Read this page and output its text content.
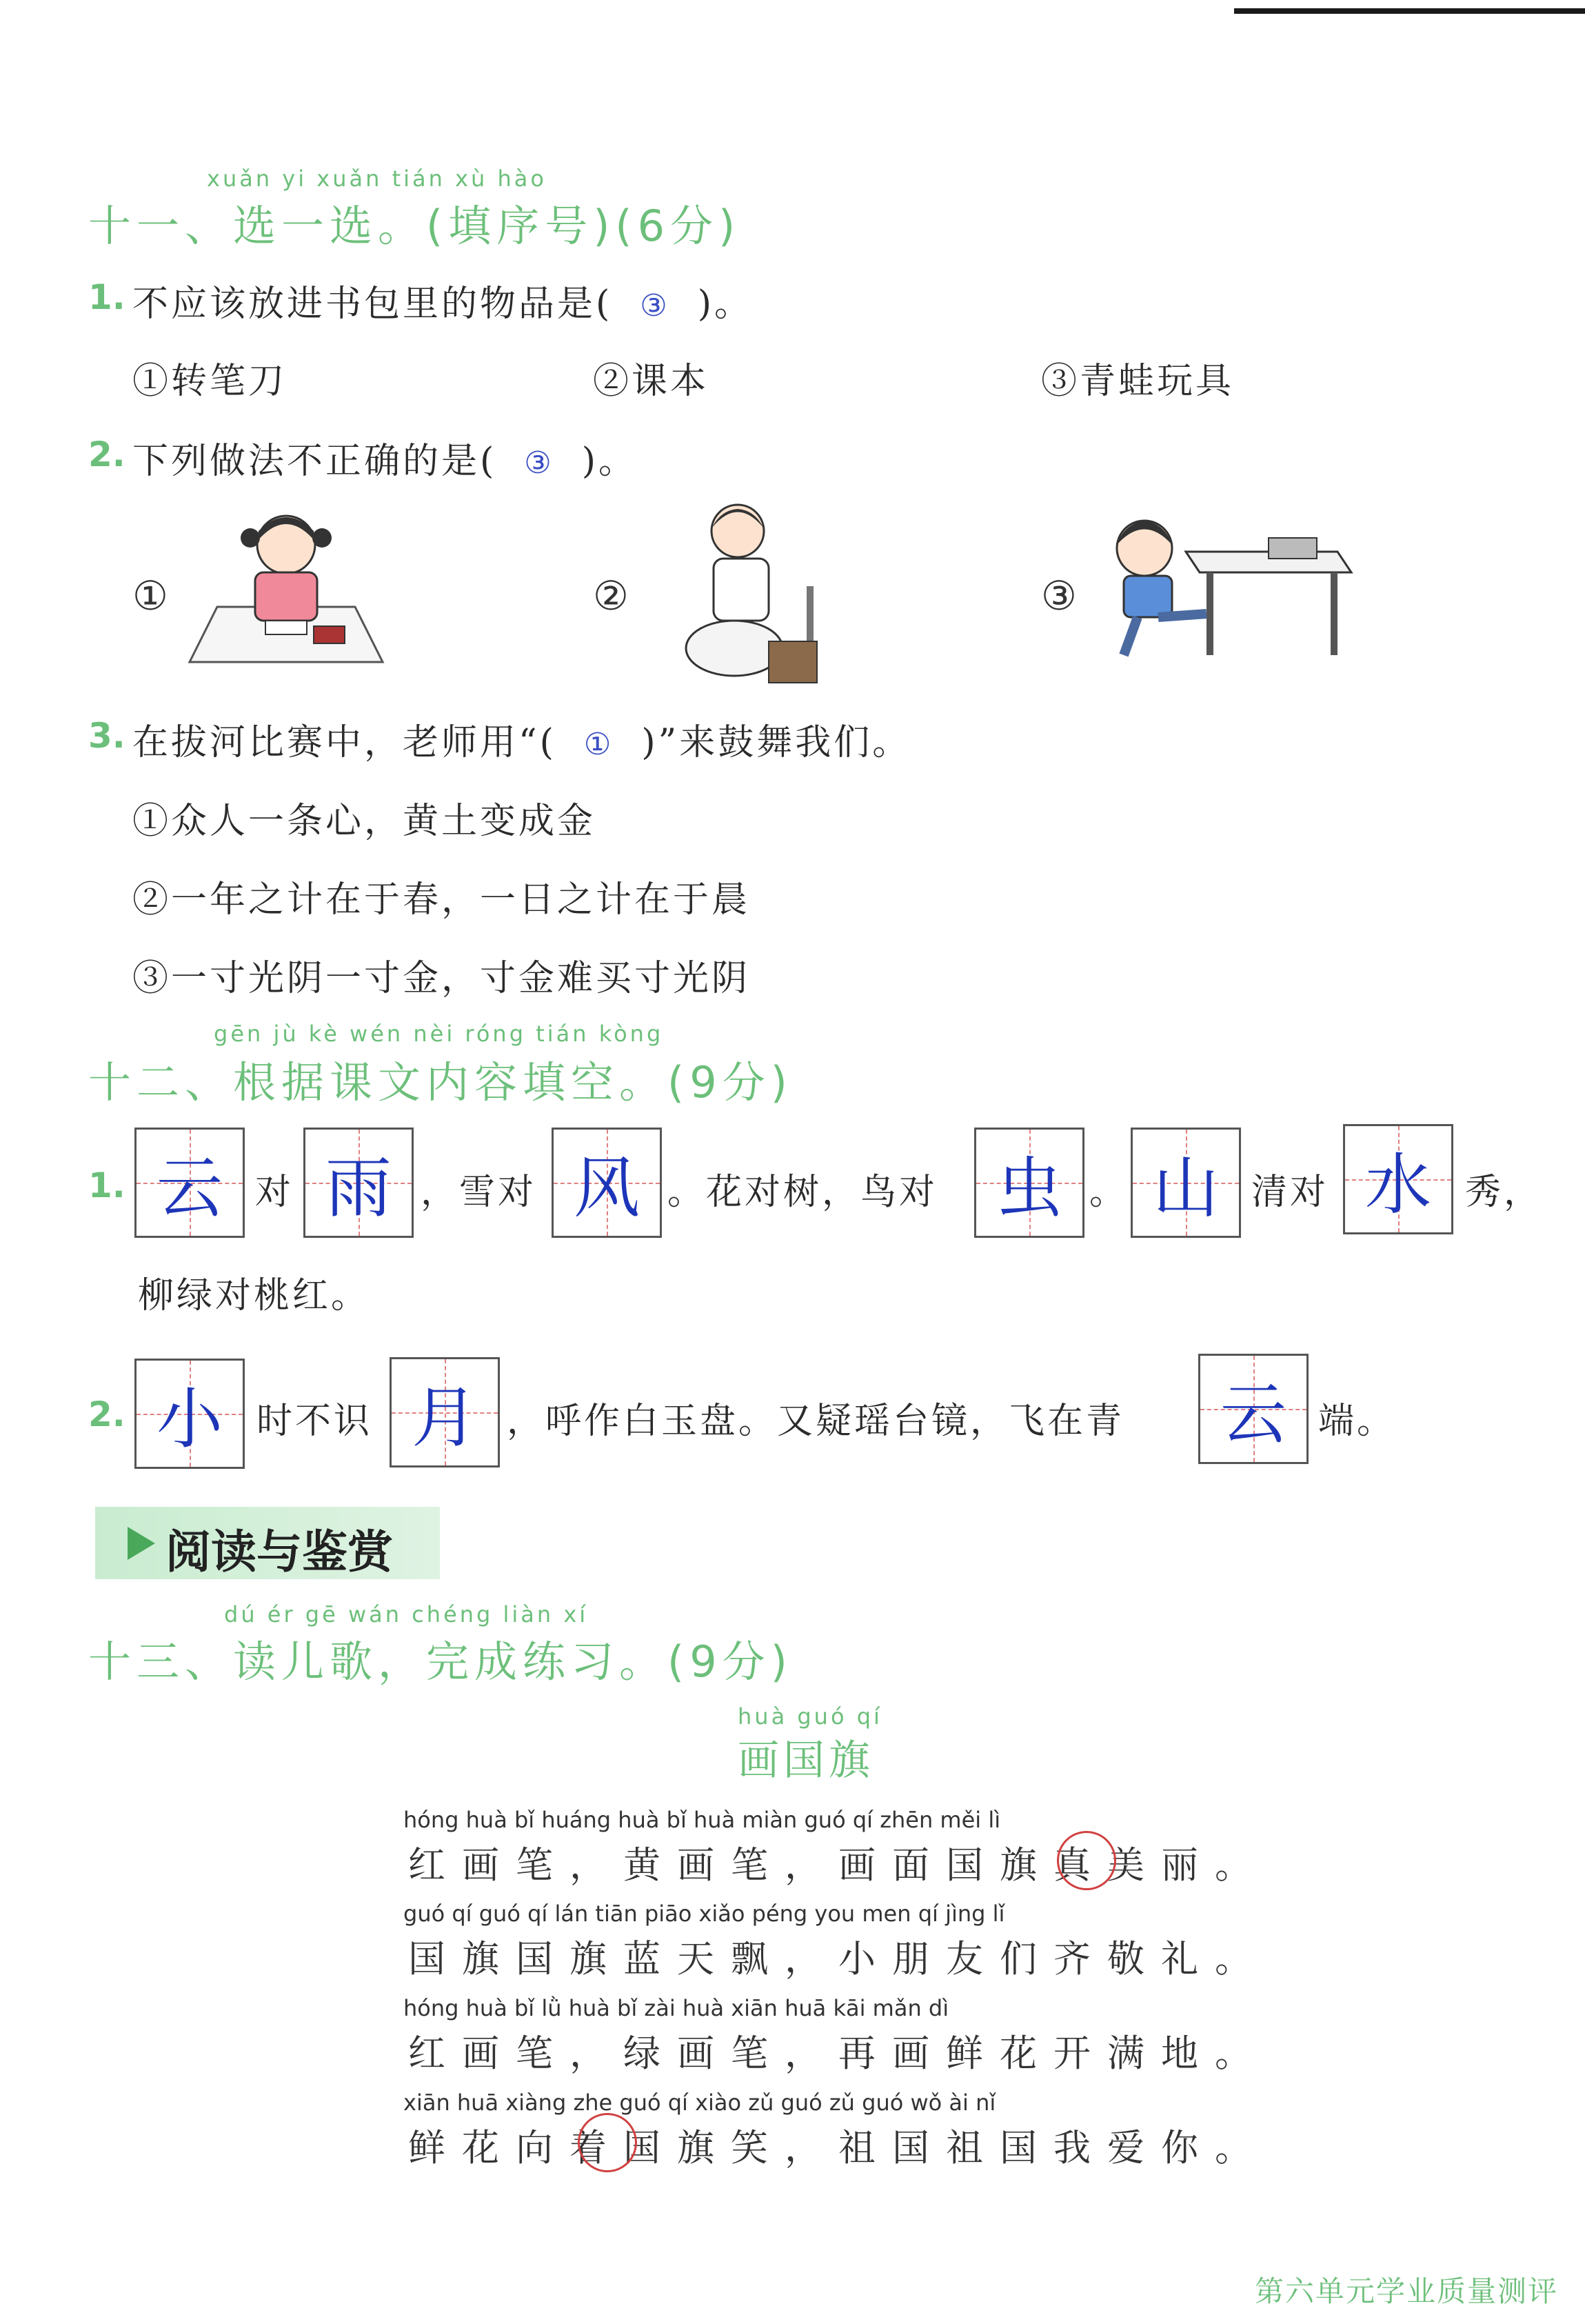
xuǎn yi xuǎn tián xù hào
十一、选一选。(填序号)(6分)
1. 不应该放进书包里的物品是( ③ )。
①转笔刀	②课本	③青蛙玩具
2. 下列做法不正确的是( ③ )。
①	②	③
3. 在拔河比赛中，老师用“( ① )”来鼓舞我们。
①众人一条心，黄土变成金
②一年之计在于春，一日之计在于晨
③一寸光阴一寸金，寸金难买寸光阴
gēn jù kè wén nèi róng tián kòng
十二、根据课文内容填空。(9分)
1. 云 对 雨 ，雪对 风 。花对树，鸟对 虫 。 山 清对 水 秀，
柳绿对桃红。
2. 小 时不识 月 ，呼作白玉盘。又疑瑶台镜，飞在青	云 端。
阅读与鉴赏
dú ér gē wán chéng liàn xí
十三、读儿歌，完成练习。(9分)
huà guó qí
画国旗
hóng huà bǐ huáng huà bǐ huà miàn guó qí zhēn měi lì
红画笔，黄画笔，画面国旗真美丽。
guó qí guó qí lán tiān piāo xiǎo péng you men qí jìng lǐ
国旗国旗蓝天飘，小朋友们齐敬礼。
hóng huà bǐ lǜ huà bǐ zài huà xiān huā kāi mǎn dì
红画笔，绿画笔，再画鲜花开满地。
xiān huā xiàng zhe guó qí xiào zǔ guó zǔ guó wǒ ài nǐ
鲜花向着国旗笑，祖国祖国我爱你。
第六单元学业质量测评
